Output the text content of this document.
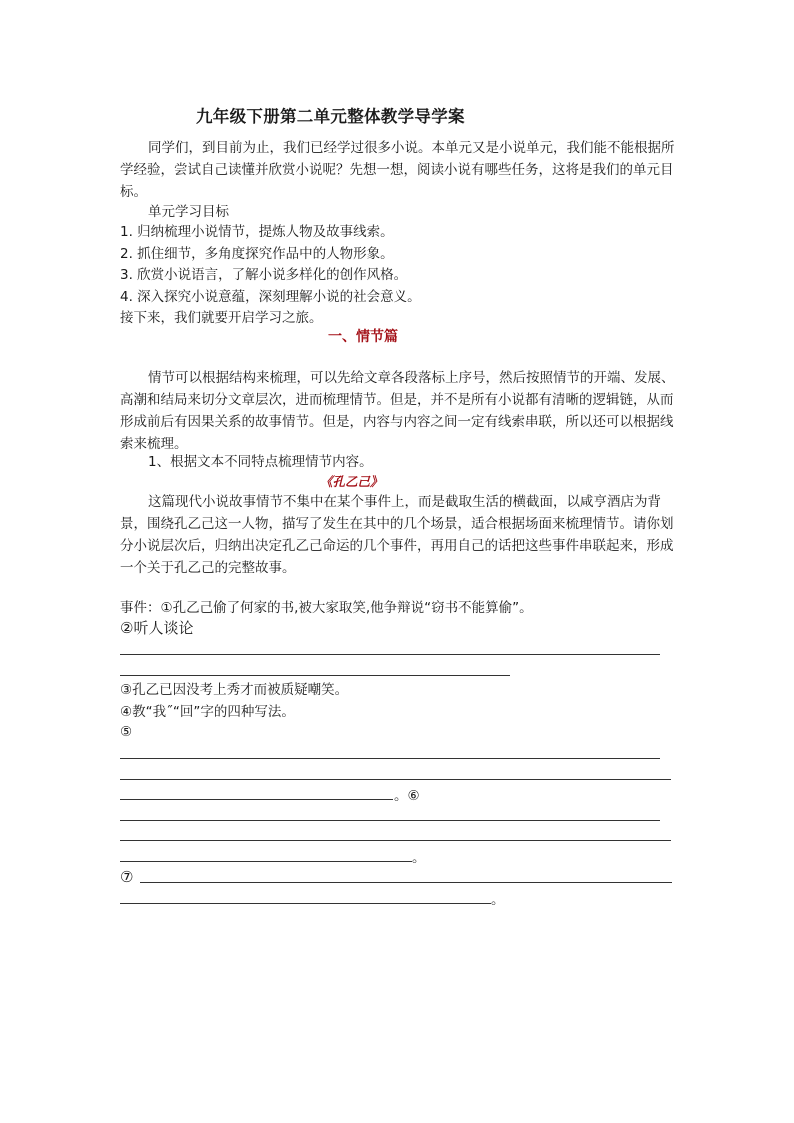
九年级下册第二单元整体教学导学案
同学们，到目前为止，我们已经学过很多小说。本单元又是小说单元，我们能不能根据所学经验，尝试自己读懂并欣赏小说呢？先想一想，阅读小说有哪些任务，这将是我们的单元目标。
单元学习目标
1. 归纳梳理小说情节，提炼人物及故事线索。
2. 抓住细节，多角度探究作品中的人物形象。
3. 欣赏小说语言，了解小说多样化的创作风格。
4. 深入探究小说意蕴，深刻理解小说的社会意义。
接下来，我们就要开启学习之旅。
一、情节篇
情节可以根据结构来梳理，可以先给文章各段落标上序号，然后按照情节的开端、发展、高潮和结局来切分文章层次，进而梳理情节。但是，并不是所有小说都有清晰的逻辑链，从而形成前后有因果关系的故事情节。但是，内容与内容之间一定有线索串联，所以还可以根据线索来梳理。
1、根据文本不同特点梳理情节内容。
《孔乙己》
这篇现代小说故事情节不集中在某个事件上，而是截取生活的横截面，以咸亨酒店为背景，围绕孔乙己这一人物，描写了发生在其中的几个场景，适合根据场面来梳理情节。请你划分小说层次后，归纳出决定孔乙己命运的几个事件，再用自己的话把这些事件串联起来，形成一个关于孔乙己的完整故事。
事件：①孔乙己偷了何家的书,被大家取笑,他争辩说“窃书不能算偷”。
②听人谈论
③孔乙已因没考上秀才而被质疑嘲笑。
④教“我˝“回”字的四种写法。
⑤
。⑥
。
⑦
。
